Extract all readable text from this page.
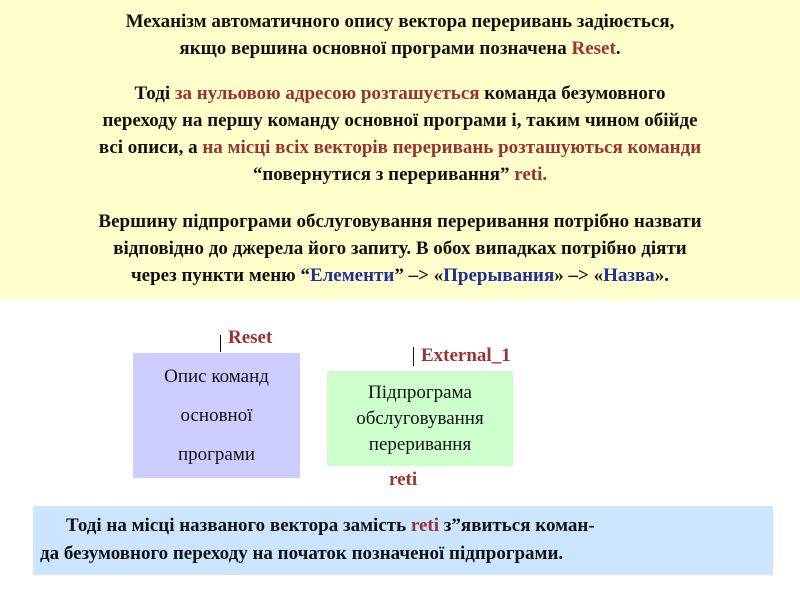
Механізм автоматичного опису вектора переривань задіюється,
якщо вершина основної програми позначена Reset.

Тоді за нульовою адресою розташується команда безумовного
переходу на першу команду основної програми і, таким чином обійде
всі описи, а на місці всіх векторів переривань розташуються команди
“повернутися з переривання” reti.

Вершину підпрограми обслуговування переривання потрібно назвати
відповідно до джерела його запиту. В обох випадках потрібно діяти
через пункти меню “Елементи” –> «Прерывания» –> «Назва».

Reset

Опис команд
основної
програми

External_1

Підпрограма
обслуговування
переривання

reti

Тоді на місці названого вектора замість reti з”явиться коман-

да безумовного переходу на початок позначеної підпрограми.
